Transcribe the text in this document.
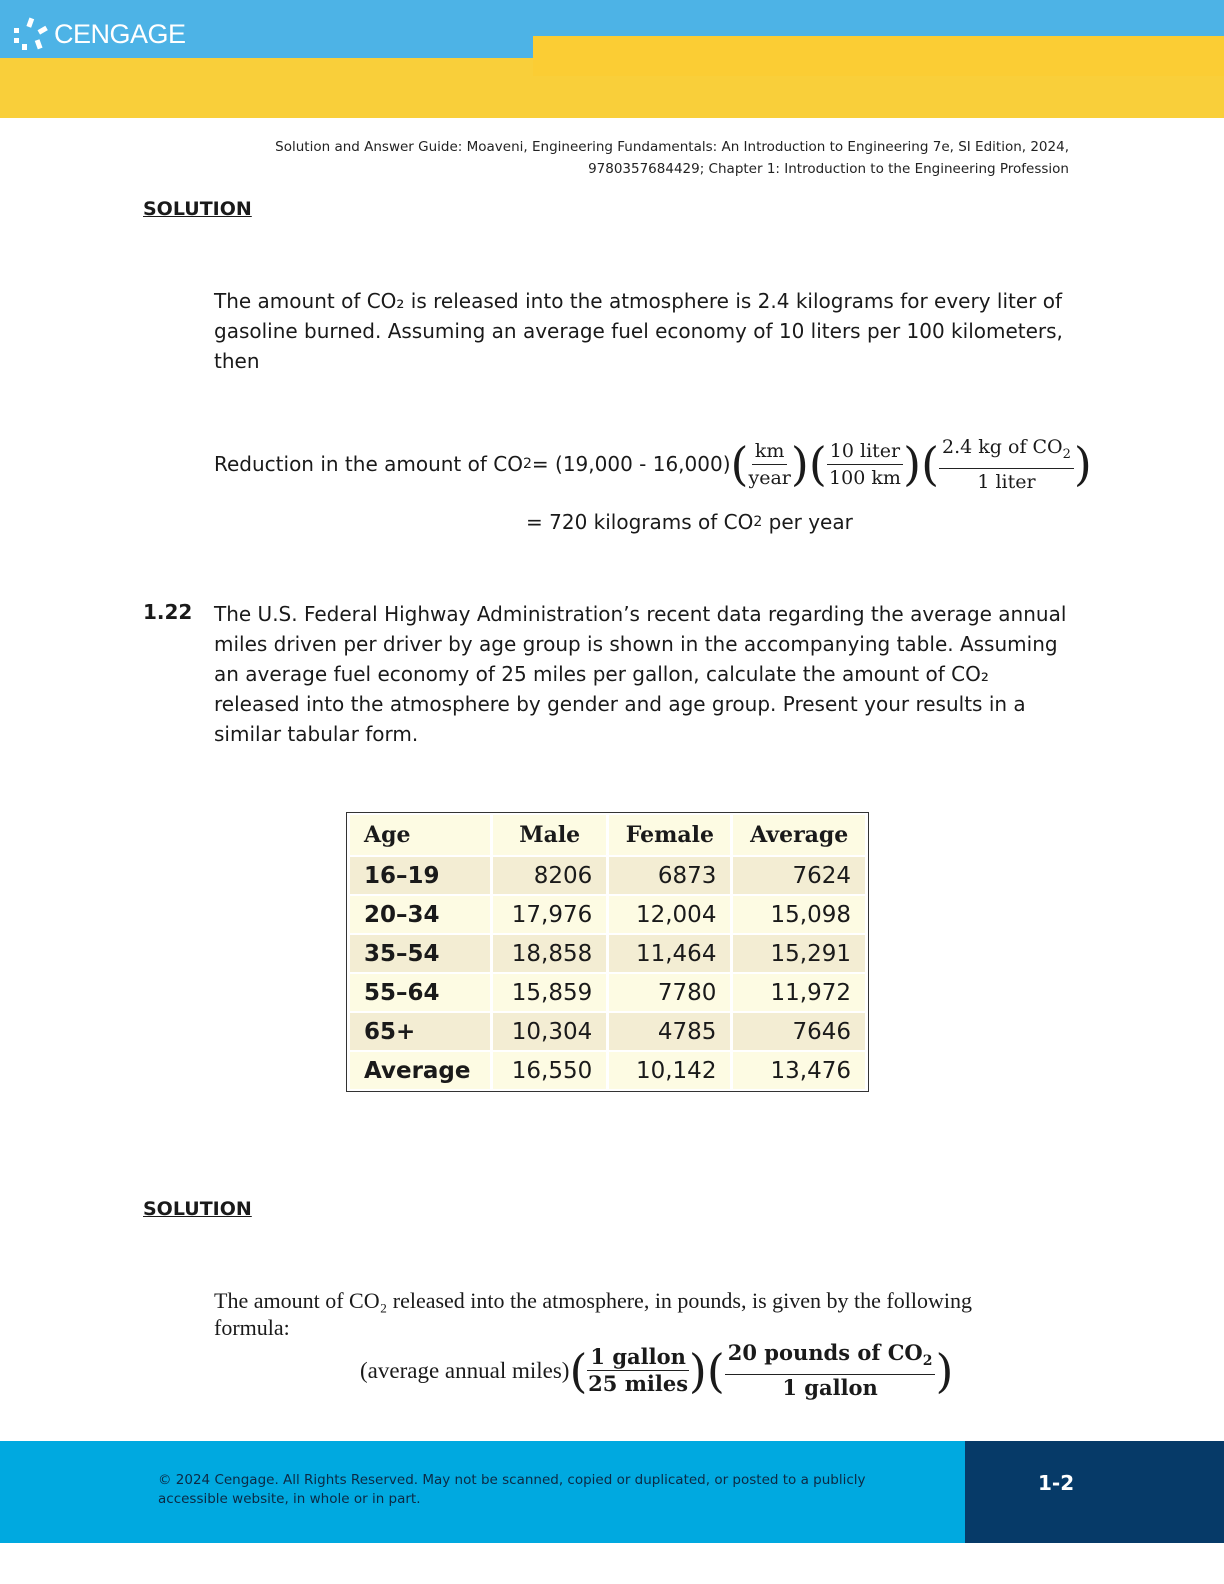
CENGAGE
Solution and Answer Guide: Moaveni, Engineering Fundamentals: An Introduction to Engineering 7e, SI Edition, 2024,
9780357684429; Chapter 1: Introduction to the Engineering Profession
SOLUTION
The amount of CO₂ is released into the atmosphere is 2.4 kilograms for every liter of gasoline burned. Assuming an average fuel economy of 10 liters per 100 kilometers, then
Reduction in the amount of CO 2 = (19,000 - 16,000) ( $\frac{km}{\text{year}}$ ) ( $\frac{\text{10 liter}}{100 km}$ ) ( $\frac{2.4 kg of CO_2}{\text{1 liter}}$ )
= 720 kilograms of CO 2 per year
1.22 The U.S. Federal Highway Administration’s recent data regarding the average annual miles driven per driver by age group is shown in the accompanying table. Assuming an average fuel economy of 25 miles per gallon, calculate the amount of CO₂ released into the atmosphere by gender and age group. Present your results in a similar tabular form.
Age	Male	Female	Average
16–19	8206	6873	7624
20–34	17,976	12,004	15,098
35–54	18,858	11,464	15,291
55–64	15,859	7780	11,972
65+	10,304	4785	7646
Average	16,550	10,142	13,476
SOLUTION
The amount of CO₂ released into the atmosphere, in pounds, is given by the following formula:
(average annual miles) ( $\frac{\text{1 gallon}}{\text{25 miles}}$ ) ( $\frac{20 pounds of CO_2}{\text{1 gallon}}$ )
© 2024 Cengage. All Rights Reserved. May not be scanned, copied or duplicated, or posted to a publicly accessible website, in whole or in part.
1-2
